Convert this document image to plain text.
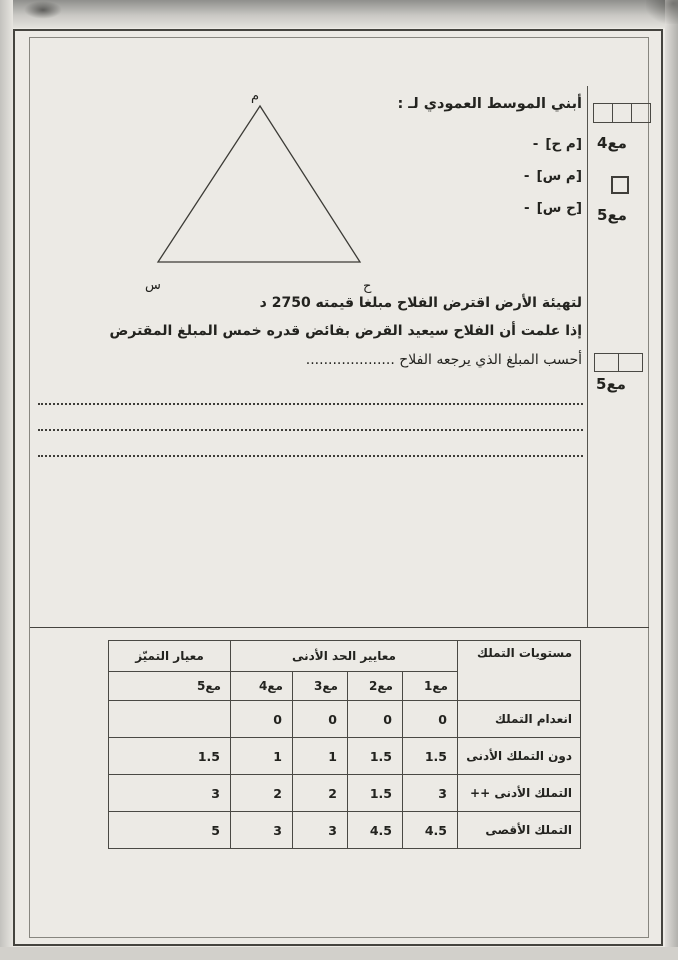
مع4
مع5
مع5
أبني الموسط العمودي لـ :
- [م ح]
- [م س]
- [ح س]
م
س	ح
لتهيئة الأرض اقترض الفلاح مبلغا قيمته 2750 د
إذا علمت أن الفلاح سيعيد القرض بفائض قدره خمس المبلغ المقترض
أحسب المبلغ الذي يرجعه الفلاح ....................
مستويات التملك	معايير الحد الأدنى				معيار التميّز
	مع1	مع2	مع3	مع4	مع5
انعدام التملك	0	0	0	0	
دون التملك الأدنى	1.5	1.5	1	1	1.5
التملك الأدنى ++	3	1.5	2	2	3
التملك الأقصى	4.5	4.5	3	3	5
